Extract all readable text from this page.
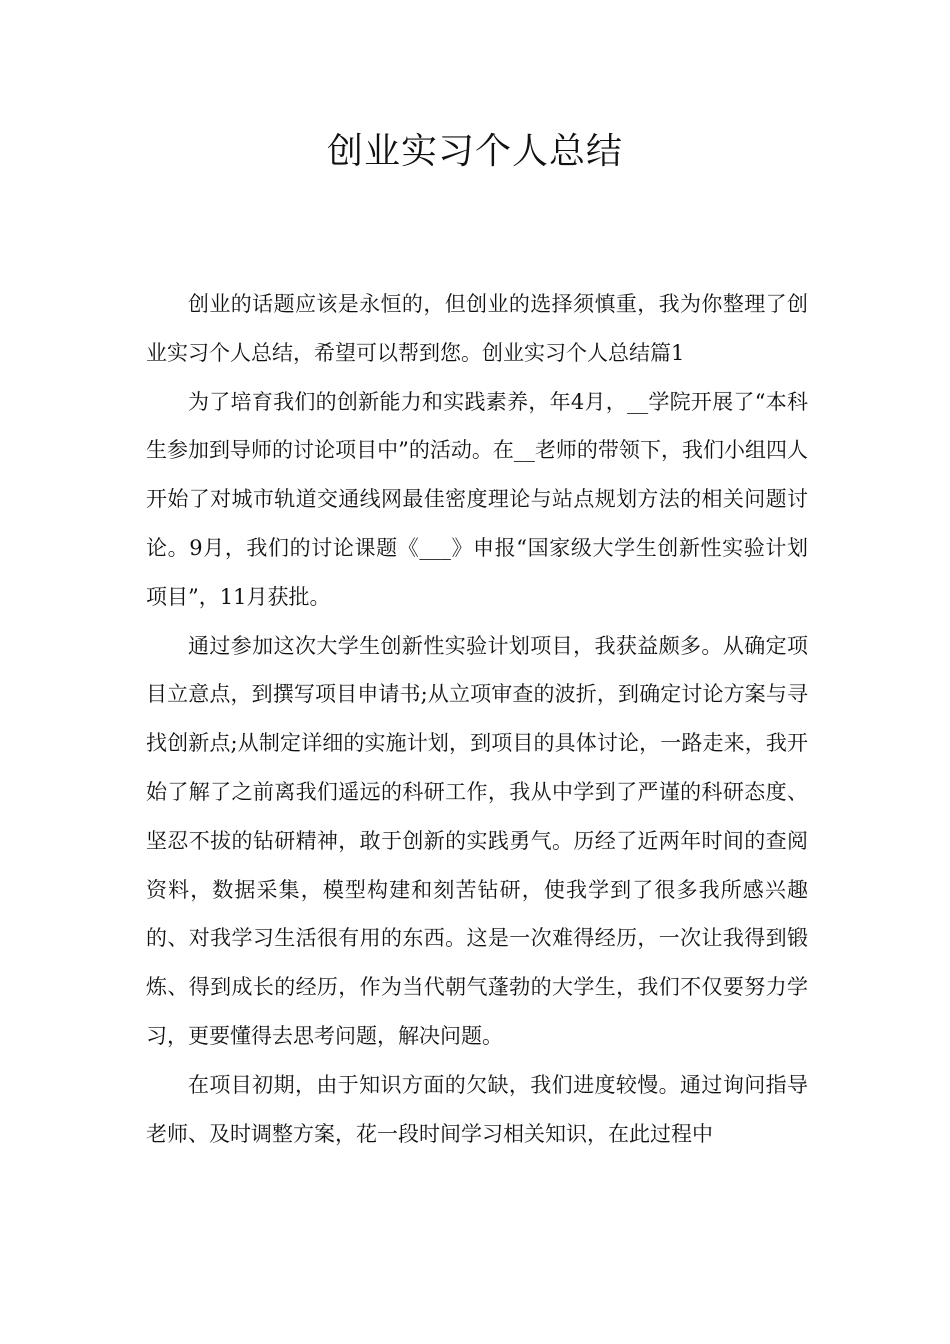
创业实习个人总结

创业的话题应该是永恒的，但创业的选择须慎重，我为你整理了创业实习个人总结，希望可以帮到您。创业实习个人总结篇1

为了培育我们的创新能力和实践素养，年4月，__学院开展了“本科生参加到导师的讨论项目中”的活动。在__老师的带领下，我们小组四人开始了对城市轨道交通线网最佳密度理论与站点规划方法的相关问题讨论。9月，我们的讨论课题《___》申报“国家级大学生创新性实验计划项目”，11月获批。

通过参加这次大学生创新性实验计划项目，我获益颇多。从确定项目立意点，到撰写项目申请书;从立项审查的波折，到确定讨论方案与寻找创新点;从制定详细的实施计划，到项目的具体讨论，一路走来，我开始了解了之前离我们遥远的科研工作，我从中学到了严谨的科研态度、坚忍不拔的钻研精神，敢于创新的实践勇气。历经了近两年时间的查阅资料，数据采集，模型构建和刻苦钻研，使我学到了很多我所感兴趣的、对我学习生活很有用的东西。这是一次难得经历，一次让我得到锻炼、得到成长的经历，作为当代朝气蓬勃的大学生，我们不仅要努力学习，更要懂得去思考问题，解决问题。

在项目初期，由于知识方面的欠缺，我们进度较慢。通过询问指导老师、及时调整方案，花一段时间学习相关知识，在此过程中
